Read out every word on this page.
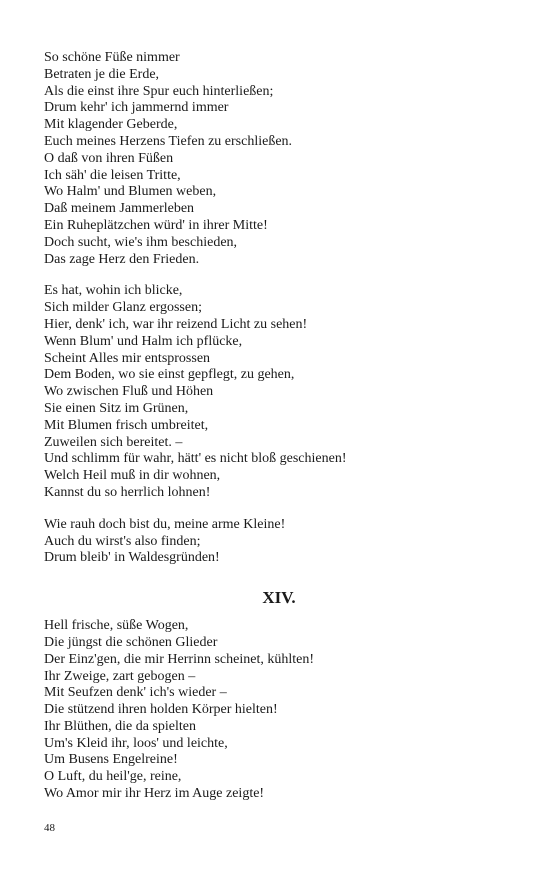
So schöne Füße nimmer
Betraten je die Erde,
Als die einst ihre Spur euch hinterließen;
Drum kehr' ich jammernd immer
Mit klagender Geberde,
Euch meines Herzens Tiefen zu erschließen.
O daß von ihren Füßen
Ich säh' die leisen Tritte,
Wo Halm' und Blumen weben,
Daß meinem Jammerleben
Ein Ruheplätzchen würd' in ihrer Mitte!
Doch sucht, wie's ihm beschieden,
Das zage Herz den Frieden.
Es hat, wohin ich blicke,
Sich milder Glanz ergossen;
Hier, denk' ich, war ihr reizend Licht zu sehen!
Wenn Blum' und Halm ich pflücke,
Scheint Alles mir entsprossen
Dem Boden, wo sie einst gepflegt, zu gehen,
Wo zwischen Fluß und Höhen
Sie einen Sitz im Grünen,
Mit Blumen frisch umbreitet,
Zuweilen sich bereitet. –
Und schlimm für wahr, hätt' es nicht bloß geschienen!
Welch Heil muß in dir wohnen,
Kannst du so herrlich lohnen!
Wie rauh doch bist du, meine arme Kleine!
Auch du wirst's also finden;
Drum bleib' in Waldesgründen!
XIV.
Hell frische, süße Wogen,
Die jüngst die schönen Glieder
Der Einz'gen, die mir Herrinn scheinet, kühlten!
Ihr Zweige, zart gebogen –
Mit Seufzen denk' ich's wieder –
Die stützend ihren holden Körper hielten!
Ihr Blüthen, die da spielten
Um's Kleid ihr, loos' und leichte,
Um Busens Engelreine!
O Luft, du heil'ge, reine,
Wo Amor mir ihr Herz im Auge zeigte!
48
